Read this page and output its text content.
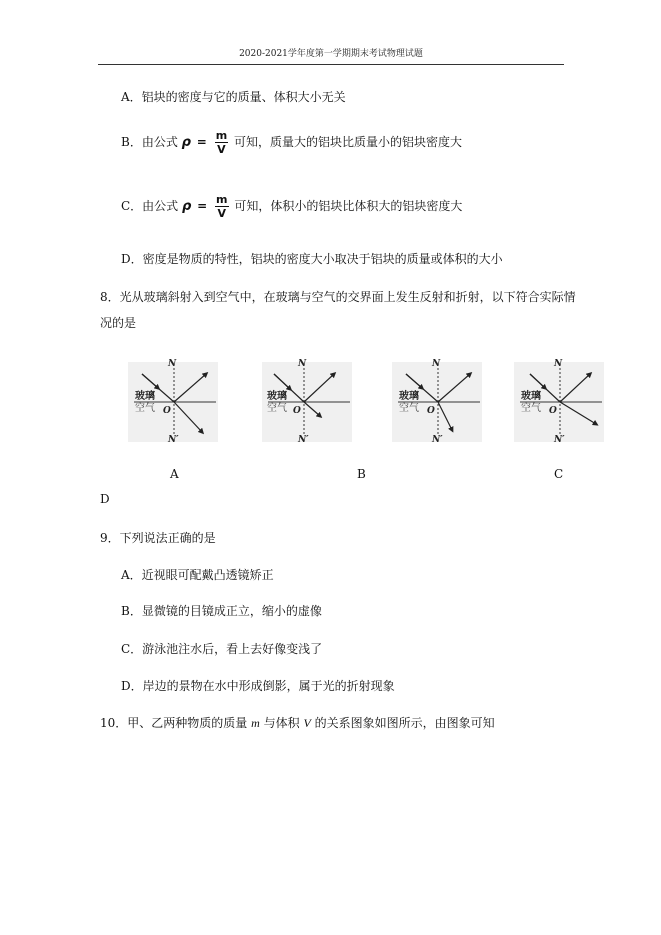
2020-2021学年度第一学期期末考试物理试题
A．铝块的密度与它的质量、体积大小无关
B．由公式 $\rho = \frac{m}{V}$ 可知，质量大的铝块比质量小的铝块密度大
C．由公式 $\rho = \frac{m}{V}$ 可知，体积小的铝块比体积大的铝块密度大
D．密度是物质的特性，铝块的密度大小取决于铝块的质量或体积的大小
8．光从玻璃斜射入到空气中，在玻璃与空气的交界面上发生反射和折射，以下符合实际情
况的是
玻璃
空气
N
N′
O
玻璃
空气
N
N′
O
玻璃
空气
N
N′
O
玻璃
空气
N
N′
O
A	B	C
D
9．下列说法正确的是
A．近视眼可配戴凸透镜矫正
B．显微镜的目镜成正立，缩小的虚像
C．游泳池注水后，看上去好像变浅了
D．岸边的景物在水中形成倒影，属于光的折射现象
10．甲、乙两种物质的质量 m 与体积 V 的关系图象如图所示，由图象可知
